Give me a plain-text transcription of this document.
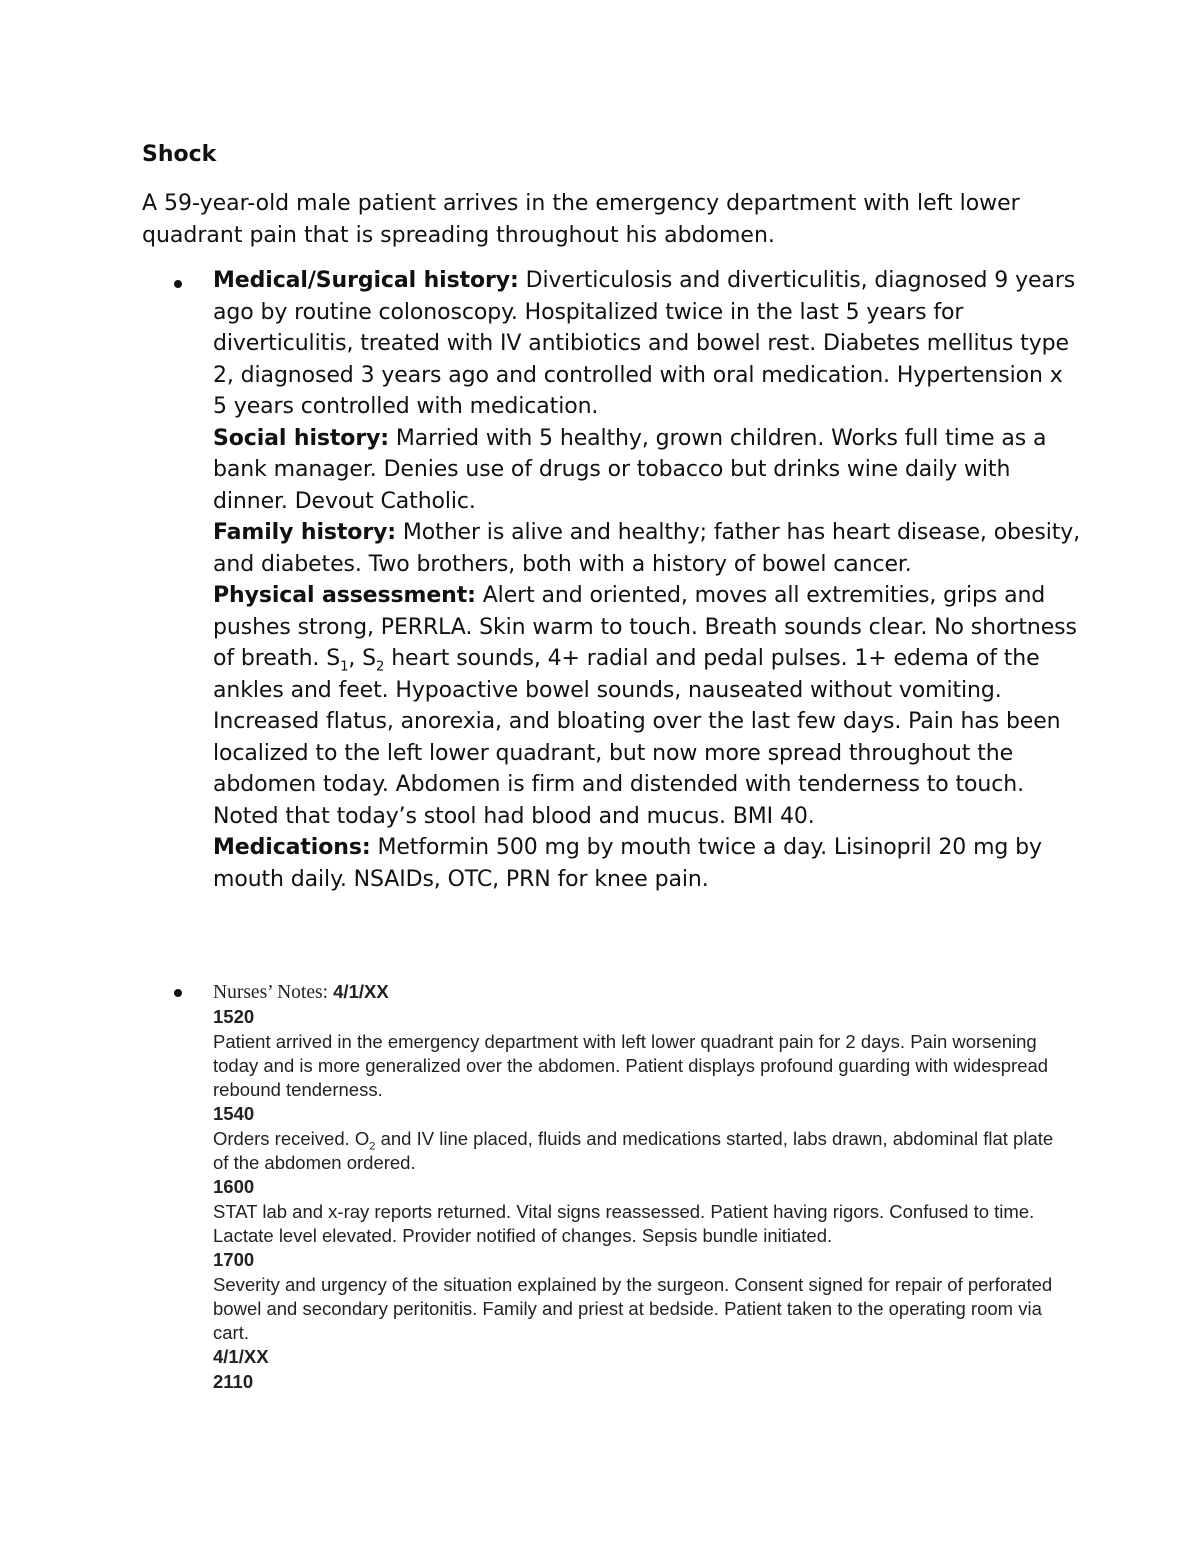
Shock

A 59-year-old male patient arrives in the emergency department with left lower quadrant pain that is spreading throughout his abdomen.

Medical/Surgical history: Diverticulosis and diverticulitis, diagnosed 9 years ago by routine colonoscopy. Hospitalized twice in the last 5 years for diverticulitis, treated with IV antibiotics and bowel rest. Diabetes mellitus type 2, diagnosed 3 years ago and controlled with oral medication. Hypertension x 5 years controlled with medication.

Social history: Married with 5 healthy, grown children. Works full time as a bank manager. Denies use of drugs or tobacco but drinks wine daily with dinner. Devout Catholic.

Family history: Mother is alive and healthy; father has heart disease, obesity, and diabetes. Two brothers, both with a history of bowel cancer.

Physical assessment: Alert and oriented, moves all extremities, grips and pushes strong, PERRLA. Skin warm to touch. Breath sounds clear. No shortness of breath. $S_1$, $S_2$ heart sounds, 4+ radial and pedal pulses. 1+ edema of the ankles and feet. Hypoactive bowel sounds, nauseated without vomiting. Increased flatus, anorexia, and bloating over the last few days. Pain has been localized to the left lower quadrant, but now more spread throughout the abdomen today. Abdomen is firm and distended with tenderness to touch. Noted that today’s stool had blood and mucus. BMI 40.

Medications: Metformin 500 mg by mouth twice a day. Lisinopril 20 mg by mouth daily. NSAIDs, OTC, PRN for knee pain.

Nurses’ Notes: 4/1/XX

1520

Patient arrived in the emergency department with left lower quadrant pain for 2 days. Pain worsening today and is more generalized over the abdomen. Patient displays profound guarding with widespread rebound tenderness.

1540

Orders received. $O_2$ and IV line placed, fluids and medications started, labs drawn, abdominal flat plate of the abdomen ordered.

1600

STAT lab and x-ray reports returned. Vital signs reassessed. Patient having rigors. Confused to time. Lactate level elevated. Provider notified of changes. Sepsis bundle initiated.

1700

Severity and urgency of the situation explained by the surgeon. Consent signed for repair of perforated bowel and secondary peritonitis. Family and priest at bedside. Patient taken to the operating room via cart.

4/1/XX

2110
